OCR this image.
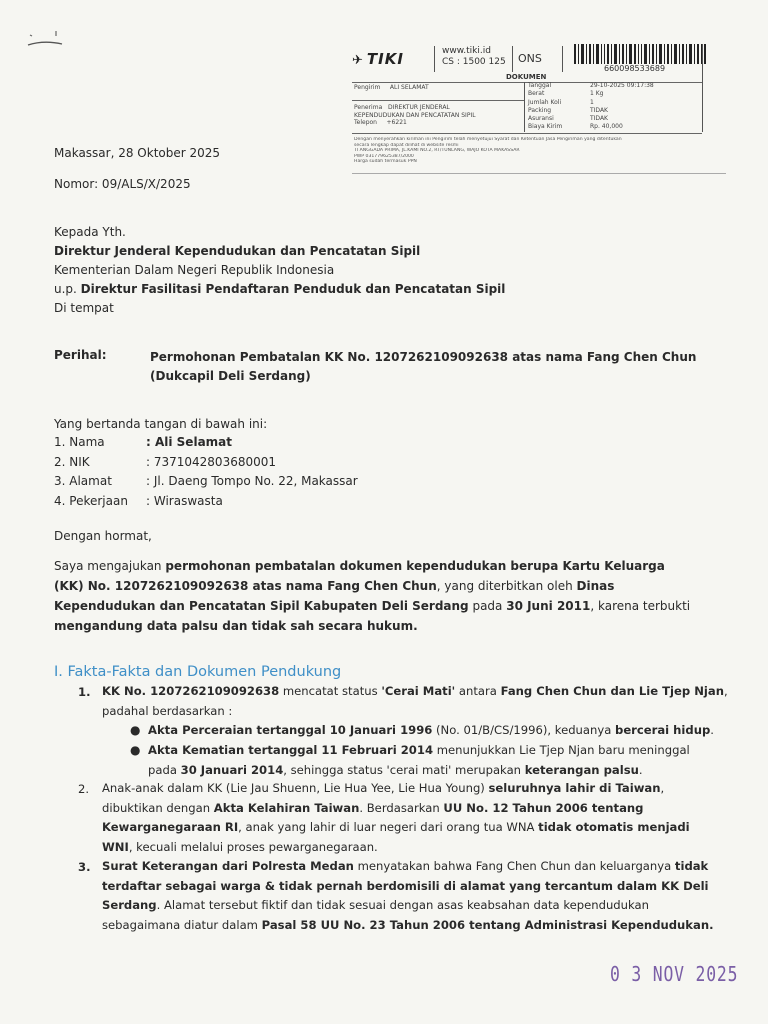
✈ TIKI	www.tiki.id
CS : 1500 125 ONS
660098533689
DOKUMEN
Pengirim ALI SELAMAT
Penerima DIREKTUR JENDERAL
KEPENDUDUKAN DAN PENCATATAN SIPIL
Telepon +6221
Tanggal	29-10-2025 09:17:38
Berat	1 Kg
Jumlah Koli	1
Packing	TIDAK
Asuransi	TIDAK
Biaya Kirim	Rp. 40,000
Dengan menyerahkan kiriman ini Pengirim telah menyetujui Syarat dan Ketentuan Jasa Pengiriman yang ditentukan
secara lengkap dapat dilihat di website resmi
TI ANGGADA PRIMA, JL.KAMI NO.2, RT/TUNLANG, WAJO KOTA MAKASSAR
PWP 031779625387/2000
Harga sudah termasuk PPN
Makassar, 28 Oktober 2025
Nomor: 09/ALS/X/2025
Kepada Yth.
Direktur Jenderal Kependudukan dan Pencatatan Sipil
Kementerian Dalam Negeri Republik Indonesia
u.p. Direktur Fasilitasi Pendaftaran Penduduk dan Pencatatan Sipil
Di tempat
Perihal:	Permohonan Pembatalan KK No. 1207262109092638 atas nama Fang Chen Chun (Dukcapil Deli Serdang)
Yang bertanda tangan di bawah ini:
1. Nama	: Ali Selamat
2. NIK	: 7371042803680001
3. Alamat	: Jl. Daeng Tompo No. 22, Makassar
4. Pekerjaan : Wiraswasta
Dengan hormat,
Saya mengajukan permohonan pembatalan dokumen kependudukan berupa Kartu Keluarga (KK) No. 1207262109092638 atas nama Fang Chen Chun, yang diterbitkan oleh Dinas Kependudukan dan Pencatatan Sipil Kabupaten Deli Serdang pada 30 Juni 2011, karena terbukti mengandung data palsu dan tidak sah secara hukum.
I. Fakta-Fakta dan Dokumen Pendukung
1. KK No. 1207262109092638 mencatat status 'Cerai Mati' antara Fang Chen Chun dan Lie Tjep Njan,
padahal berdasarkan :
● Akta Perceraian tertanggal 10 Januari 1996 (No. 01/B/CS/1996), keduanya bercerai hidup.
● Akta Kematian tertanggal 11 Februari 2014 menunjukkan Lie Tjep Njan baru meninggal
pada 30 Januari 2014, sehingga status 'cerai mati' merupakan keterangan palsu.
2. Anak-anak dalam KK (Lie Jau Shuenn, Lie Hua Yee, Lie Hua Young) seluruhnya lahir di Taiwan,
dibuktikan dengan Akta Kelahiran Taiwan. Berdasarkan UU No. 12 Tahun 2006 tentang
Kewarganegaraan RI, anak yang lahir di luar negeri dari orang tua WNA tidak otomatis menjadi
WNI, kecuali melalui proses pewarganegaraan.
3. Surat Keterangan dari Polresta Medan menyatakan bahwa Fang Chen Chun dan keluarganya tidak
terdaftar sebagai warga & tidak pernah berdomisili di alamat yang tercantum dalam KK Deli
Serdang. Alamat tersebut fiktif dan tidak sesuai dengan asas keabsahan data kependudukan
sebagaimana diatur dalam Pasal 58 UU No. 23 Tahun 2006 tentang Administrasi Kependudukan.
0 3 NOV 2025
